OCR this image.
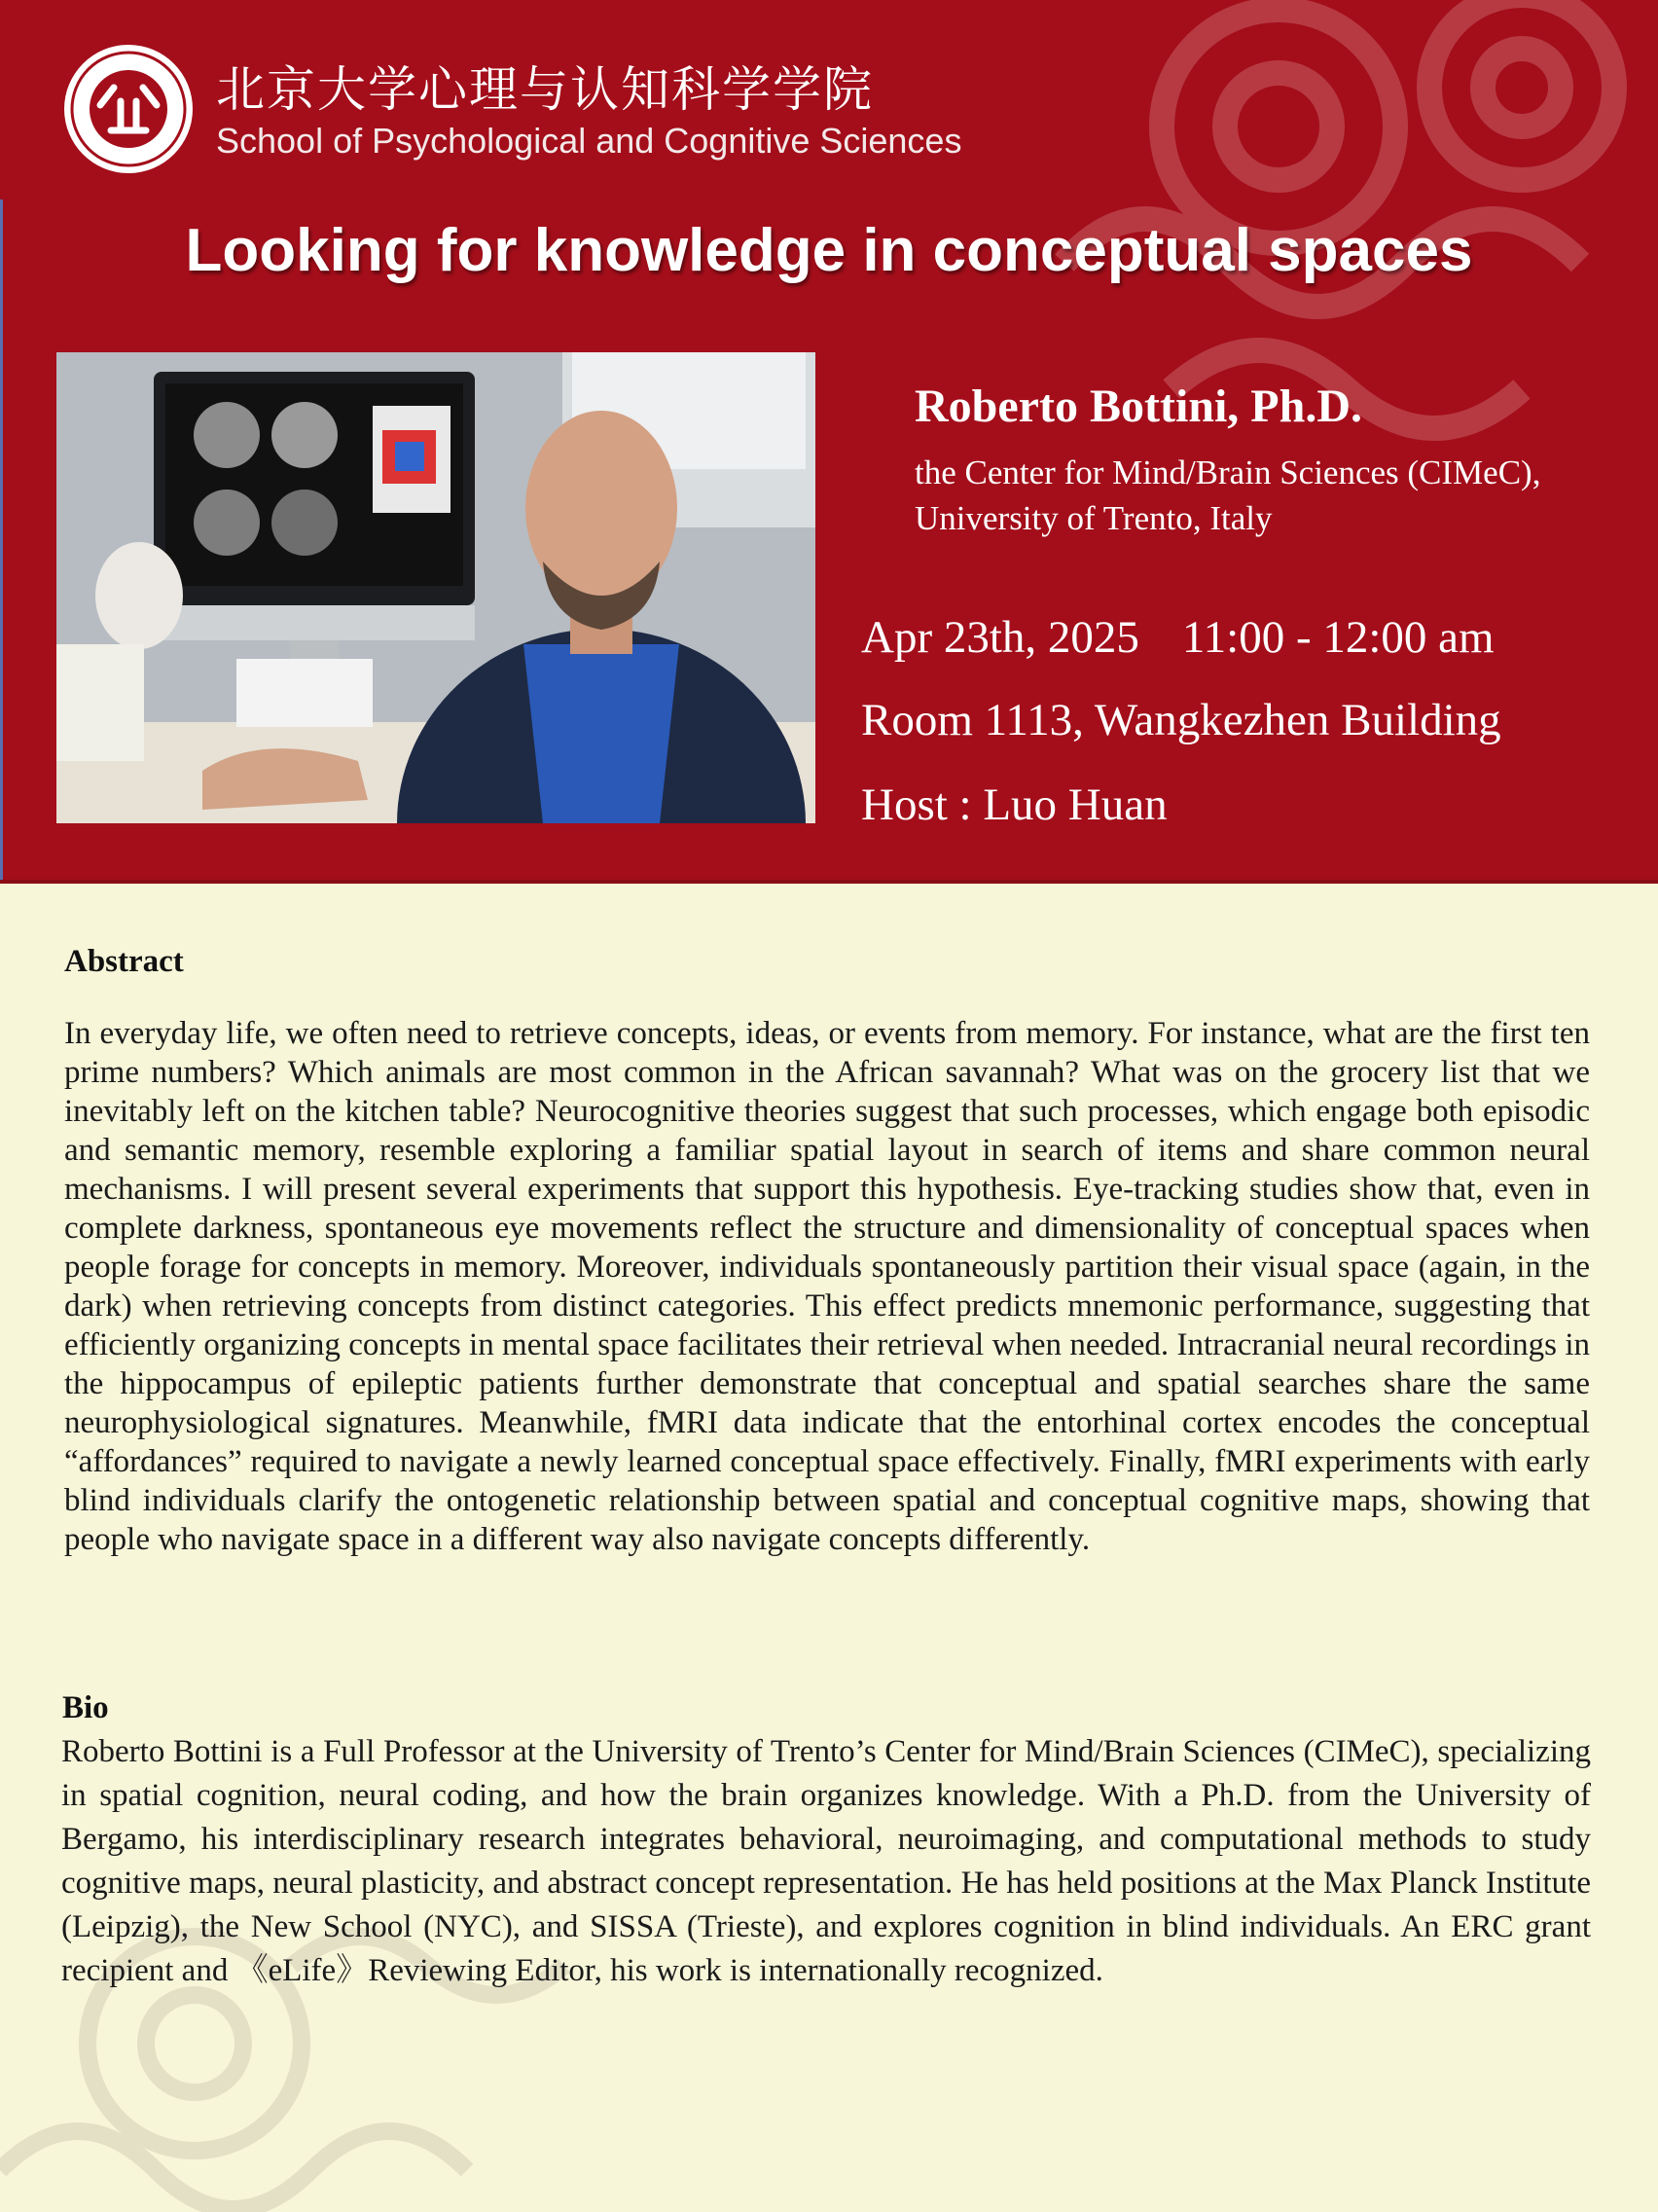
北京大学心理与认知科学学院
School of Psychological and Cognitive Sciences
Looking for knowledge in conceptual spaces
Roberto Bottini, Ph.D.
the Center for Mind/Brain Sciences (CIMeC),
University of Trento, Italy
Apr 23th, 2025 11:00 - 12:00 am
Room 1113, Wangkezhen Building
Host : Luo Huan
Abstract

In everyday life, we often need to retrieve concepts, ideas, or events from memory. For instance, what are the first ten prime numbers? Which animals are most common in the African savannah? What was on the grocery list that we inevitably left on the kitchen table? Neurocognitive theories suggest that such processes, which engage both episodic and semantic memory, resemble exploring a familiar spatial layout in search of items and share common neural mechanisms. I will present several experiments that support this hypothesis. Eye-tracking studies show that, even in complete darkness, spontaneous eye movements reflect the structure and dimensionality of conceptual spaces when people forage for concepts in memory. Moreover, individuals spontaneously partition their visual space (again, in the dark) when retrieving concepts from distinct categories. This effect predicts mnemonic performance, suggesting that efficiently organizing concepts in mental space facilitates their retrieval when needed. Intracranial neural recordings in the hippocampus of epileptic patients further demonstrate that conceptual and spatial searches share the same neurophysiological signatures. Meanwhile, fMRI data indicate that the entorhinal cortex encodes the conceptual “affordances” required to navigate a newly learned conceptual space effectively. Finally, fMRI experiments with early blind individuals clarify the ontogenetic relationship between spatial and conceptual cognitive maps, showing that people who navigate space in a different way also navigate concepts differently.

Bio

Roberto Bottini is a Full Professor at the University of Trento’s Center for Mind/Brain Sciences (CIMeC), specializing in spatial cognition, neural coding, and how the brain organizes knowledge. With a Ph.D. from the University of Bergamo, his interdisciplinary research integrates behavioral, neuroimaging, and computational methods to study cognitive maps, neural plasticity, and abstract concept representation. He has held positions at the Max Planck Institute (Leipzig), the New School (NYC), and SISSA (Trieste), and explores cognition in blind individuals. An ERC grant recipient and 《eLife》Reviewing Editor, his work is internationally recognized.
